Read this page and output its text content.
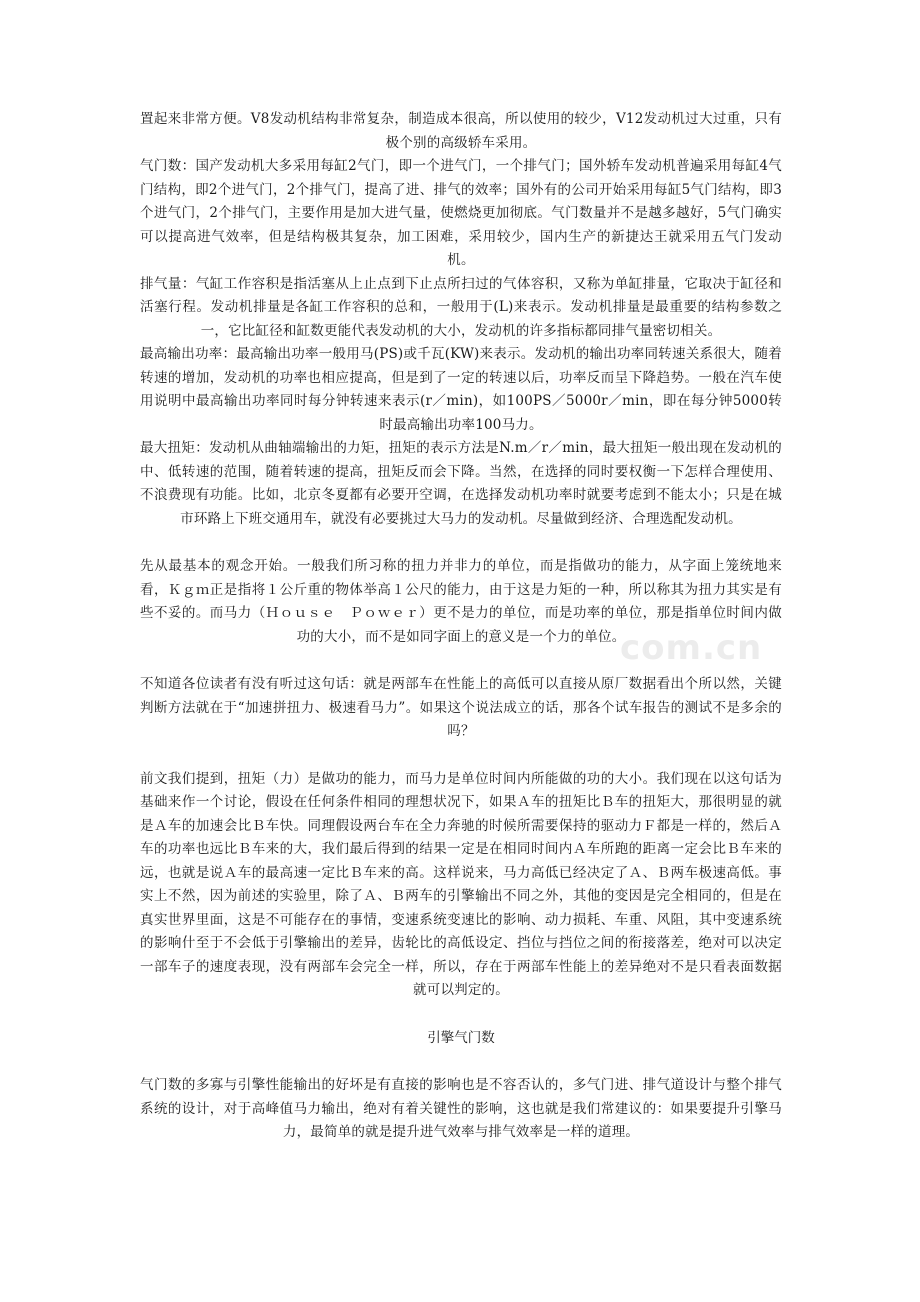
置起来非常方便。V8发动机结构非常复杂，制造成本很高，所以使用的较少，V12发动机过大过重，只有极个别的高级轿车采用。

气门数：国产发动机大多采用每缸2气门，即一个进气门，一个排气门；国外轿车发动机普遍采用每缸4气门结构，即2个进气门，2个排气门，提高了进、排气的效率；国外有的公司开始采用每缸5气门结构，即3个进气门，2个排气门，主要作用是加大进气量，使燃烧更加彻底。气门数量并不是越多越好，5气门确实可以提高进气效率，但是结构极其复杂，加工困难，采用较少，国内生产的新捷达王就采用五气门发动机。

排气量：气缸工作容积是指活塞从上止点到下止点所扫过的气体容积，又称为单缸排量，它取决于缸径和活塞行程。发动机排量是各缸工作容积的总和，一般用于(L)来表示。发动机排量是最重要的结构参数之一，它比缸径和缸数更能代表发动机的大小，发动机的许多指标都同排气量密切相关。

最高输出功率：最高输出功率一般用马(PS)或千瓦(KW)来表示。发动机的输出功率同转速关系很大，随着转速的增加，发动机的功率也相应提高，但是到了一定的转速以后，功率反而呈下降趋势。一般在汽车使用说明中最高输出功率同时每分钟转速来表示(r／min)，如100PS／5000r／min，即在每分钟5000转时最高输出功率100马力。

最大扭矩：发动机从曲轴端输出的力矩，扭矩的表示方法是N.m／r／min，最大扭矩一般出现在发动机的中、低转速的范围，随着转速的提高，扭矩反而会下降。当然，在选择的同时要权衡一下怎样合理使用、不浪费现有功能。比如，北京冬夏都有必要开空调，在选择发动机功率时就要考虑到不能太小；只是在城市环路上下班交通用车，就没有必要挑过大马力的发动机。尽量做到经济、合理选配发动机。

先从最基本的观念开始。一般我们所习称的扭力并非力的单位，而是指做功的能力，从字面上笼统地来看，Ｋｇｍ正是指将１公斤重的物体举高１公尺的能力，由于这是力矩的一种，所以称其为扭力其实是有些不妥的。而马力（Ｈｏｕｓｅ　Ｐｏｗｅｒ）更不是力的单位，而是功率的单位，那是指单位时间内做功的大小，而不是如同字面上的意义是一个力的单位。

不知道各位读者有没有听过这句话：就是两部车在性能上的高低可以直接从原厂数据看出个所以然，关键判断方法就在于“加速拼扭力、极速看马力”。如果这个说法成立的话，那各个试车报告的测试不是多余的吗？

前文我们提到，扭矩（力）是做功的能力，而马力是单位时间内所能做的功的大小。我们现在以这句话为基础来作一个讨论，假设在任何条件相同的理想状况下，如果Ａ车的扭矩比Ｂ车的扭矩大，那很明显的就是Ａ车的加速会比Ｂ车快。同理假设两台车在全力奔驰的时候所需要保持的驱动力Ｆ都是一样的，然后Ａ车的功率也远比Ｂ车来的大，我们最后得到的结果一定是在相同时间内Ａ车所跑的距离一定会比Ｂ车来的远，也就是说Ａ车的最高速一定比Ｂ车来的高。这样说来，马力高低已经决定了Ａ、Ｂ两车极速高低。事实上不然，因为前述的实验里，除了Ａ、Ｂ两车的引擎输出不同之外，其他的变因是完全相同的，但是在真实世界里面，这是不可能存在的事情，变速系统变速比的影响、动力损耗、车重、风阻，其中变速系统的影响什至于不会低于引擎输出的差异，齿轮比的高低设定、挡位与挡位之间的衔接落差，绝对可以决定一部车子的速度表现，没有两部车会完全一样，所以，存在于两部车性能上的差异绝对不是只看表面数据就可以判定的。

引擎气门数

气门数的多寡与引擎性能输出的好坏是有直接的影响也是不容否认的，多气门进、排气道设计与整个排气系统的设计，对于高峰值马力输出，绝对有着关键性的影响，这也就是我们常建议的：如果要提升引擎马力，最简单的就是提升进气效率与排气效率是一样的道理。

com.cn
